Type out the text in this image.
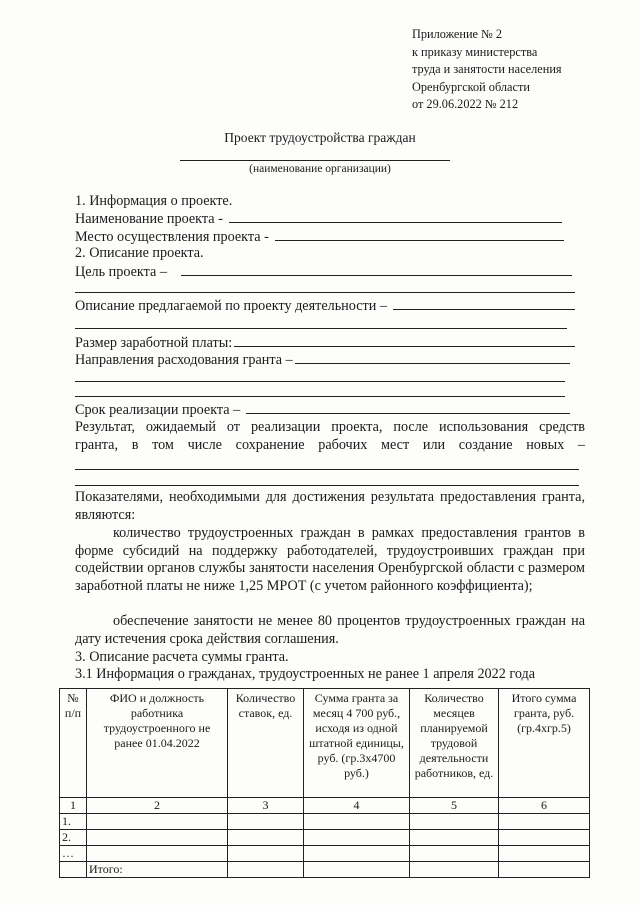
Приложение № 2
к приказу министерства
труда и занятости населения
Оренбургской области
от 29.06.2022 № 212
Проект трудоустройства граждан
(наименование организации)
1. Информация о проекте.
Наименование проекта -
Место осуществления проекта -
2. Описание проекта.
Цель проекта –
Описание предлагаемой по проекту деятельности –
Размер заработной платы:
Направления расходования гранта –
Срок реализации проекта –
Результат, ожидаемый от реализации проекта, после использования средств
гранта, в том числе сохранение рабочих мест или создание новых –
Показателями, необходимыми для достижения результата предоставления гранта, являются:
количество трудоустроенных граждан в рамках предоставления грантов в форме субсидий на поддержку работодателей, трудоустроивших граждан при содействии органов службы занятости населения Оренбургской области с размером заработной платы не ниже 1,25 МРОТ (с учетом районного коэффициента);
обеспечение занятости не менее 80 процентов трудоустроенных граждан на дату истечения срока действия соглашения.
3. Описание расчета суммы гранта.
3.1 Информация о гражданах, трудоустроенных не ранее 1 апреля 2022 года
№ п/п	ФИО и должность работника трудоустроенного не ранее 01.04.2022	Количество ставок, ед.	Сумма гранта за месяц 4 700 руб., исходя из одной штатной единицы, руб. (гр.3х4700 руб.)	Количество месяцев планируемой трудовой деятельности работников, ед.	Итого сумма гранта, руб. (гр.4хгр.5)
1	2	3	4	5	6
1.					
2.					
…					
	Итого:				
